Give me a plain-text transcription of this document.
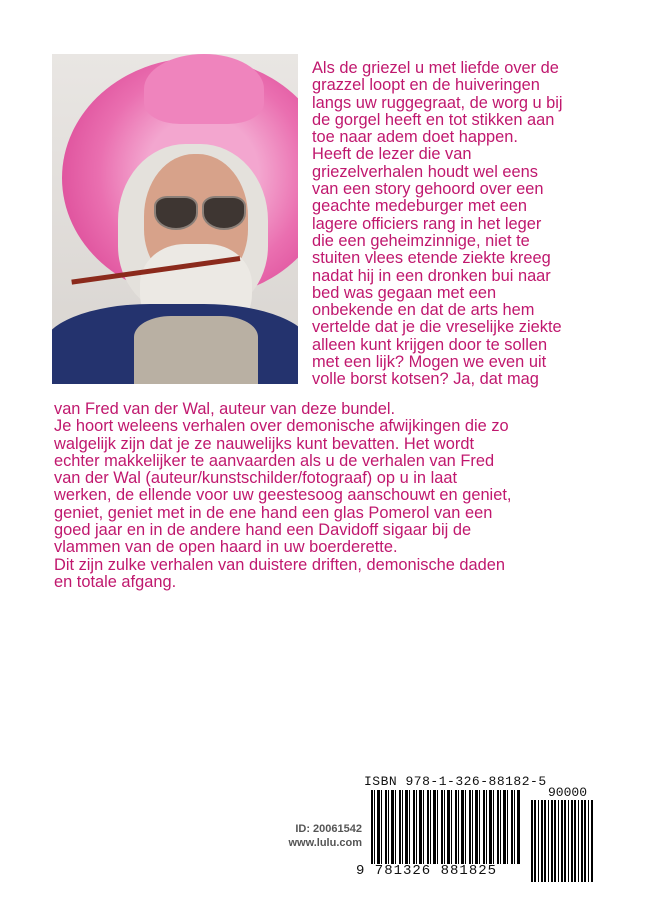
Als de griezel u met liefde over de
grazzel loopt en de huiveringen
langs uw ruggegraat, de worg u bij
de gorgel heeft en tot stikken aan
toe naar adem doet happen.
Heeft de lezer die van
griezelverhalen houdt wel eens
van een story gehoord over een
geachte medeburger met een
lagere officiers rang in het leger
die een geheimzinnige, niet te
stuiten vlees etende ziekte kreeg
nadat hij in een dronken bui naar
bed was gegaan met een
onbekende en dat de arts hem
vertelde dat je die vreselijke ziekte
alleen kunt krijgen door te sollen
met een lijk? Mogen we even uit
volle borst kotsen? Ja, dat mag

van Fred van der Wal, auteur van deze bundel.
Je hoort weleens verhalen over demonische afwijkingen die zo
walgelijk zijn dat je ze nauwelijks kunt bevatten. Het wordt
echter makkelijker te aanvaarden als u de verhalen van Fred
van der Wal (auteur/kunstschilder/fotograaf) op u in laat
werken, de ellende voor uw geestesoog aanschouwt en geniet,
geniet, geniet met in de ene hand een glas Pomerol van een
goed jaar en in de andere hand een Davidoff sigaar bij de
vlammen van de open haard in uw boerderette.
Dit zijn zulke verhalen van duistere driften, demonische daden
en totale afgang.

ID: 20061542
www.lulu.com
ISBN 978-1-326-88182-5
9 781326 881825
90000
